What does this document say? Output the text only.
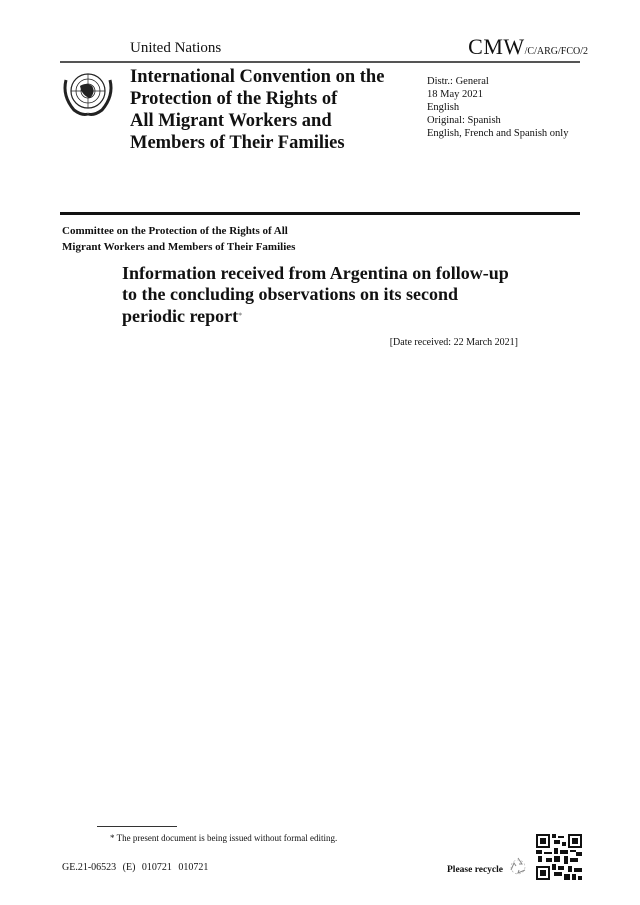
United Nations	CMW/C/ARG/FCO/2
International Convention on the
Protection of the Rights of
All Migrant Workers and
Members of Their Families
Distr.: General
18 May 2021
English
Original: Spanish
English, French and Spanish only
Committee on the Protection of the Rights of All
Migrant Workers and Members of Their Families
Information received from Argentina on follow-up
to the concluding observations on its second
periodic report*
[Date received: 22 March 2021]
* The present document is being issued without formal editing.
GE.21-06523 (E) 010721 010721	Please recycle
